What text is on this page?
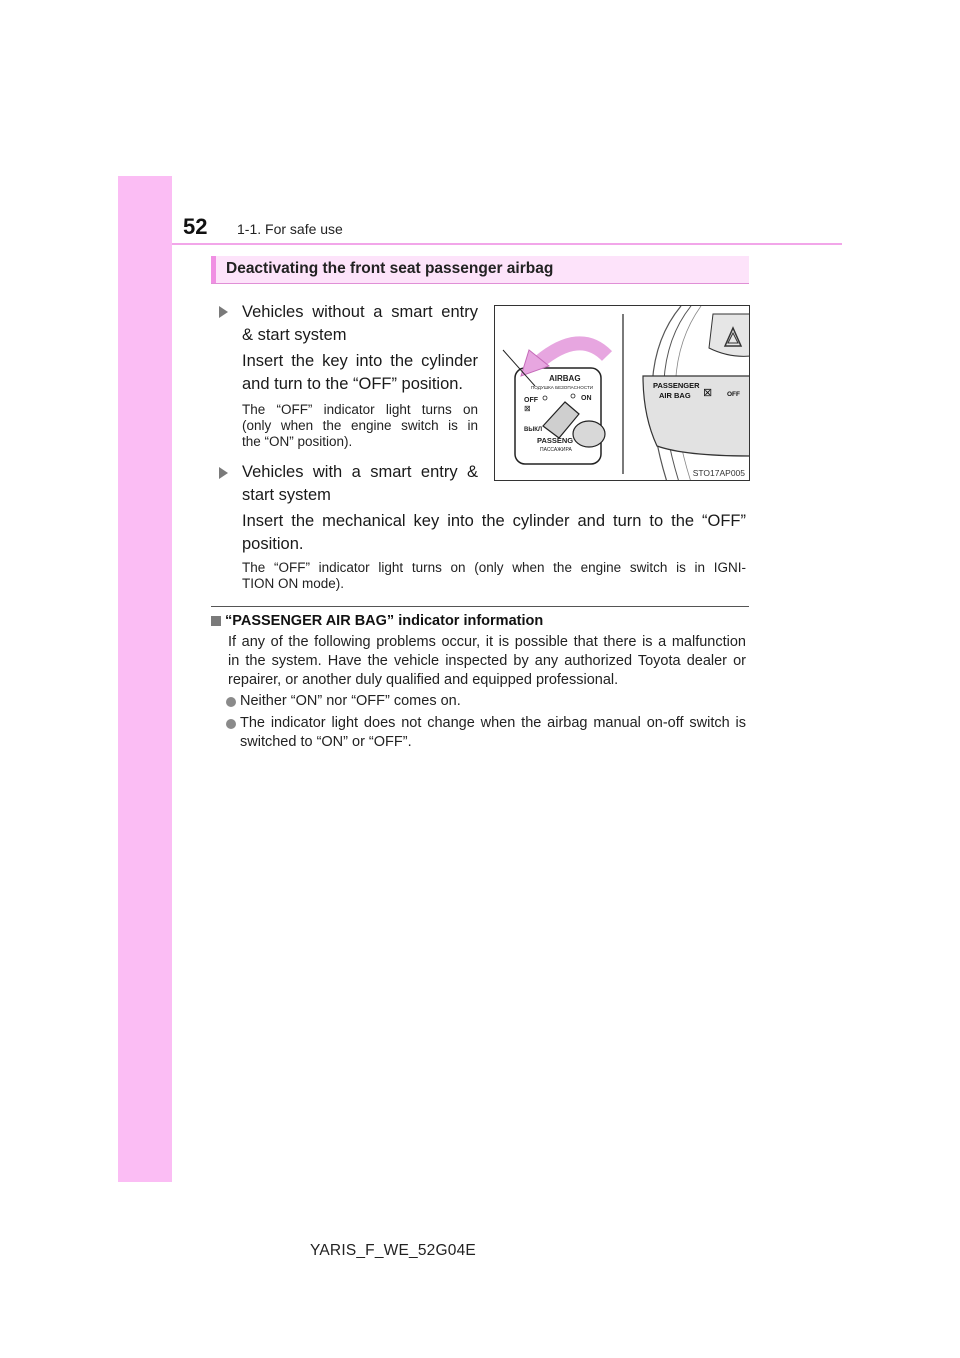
52 1-1. For safe use
Deactivating the front seat passenger airbag
Vehicles without a smart entry
& start system
Insert the key into the cylinder
and turn to the “OFF” position.
The “OFF” indicator light turns on
(only when the engine switch is in
the “ON” position).
Vehicles with a smart entry &
start system
Insert the mechanical key into the cylinder and turn to the “OFF”
position.
The “OFF” indicator light turns on (only when the engine switch is in IGNI-
TION ON mode).
AIRBAG
ПОДУШКА БЕЗОПАСНОСТИ
OFF	ON
⊠
ВЫКЛ
PASSENG
ПАССАЖИРА
PASSENGER
AIR BAG ⊠ OFF
STO17AP005
“PASSENGER AIR BAG” indicator information
If any of the following problems occur, it is possible that there is a malfunction
in the system. Have the vehicle inspected by any authorized Toyota dealer or
repairer, or another duly qualified and equipped professional.
Neither “ON” nor “OFF” comes on.
The indicator light does not change when the airbag manual on-off switch is
switched to “ON” or “OFF”.
YARIS_F_WE_52G04E
